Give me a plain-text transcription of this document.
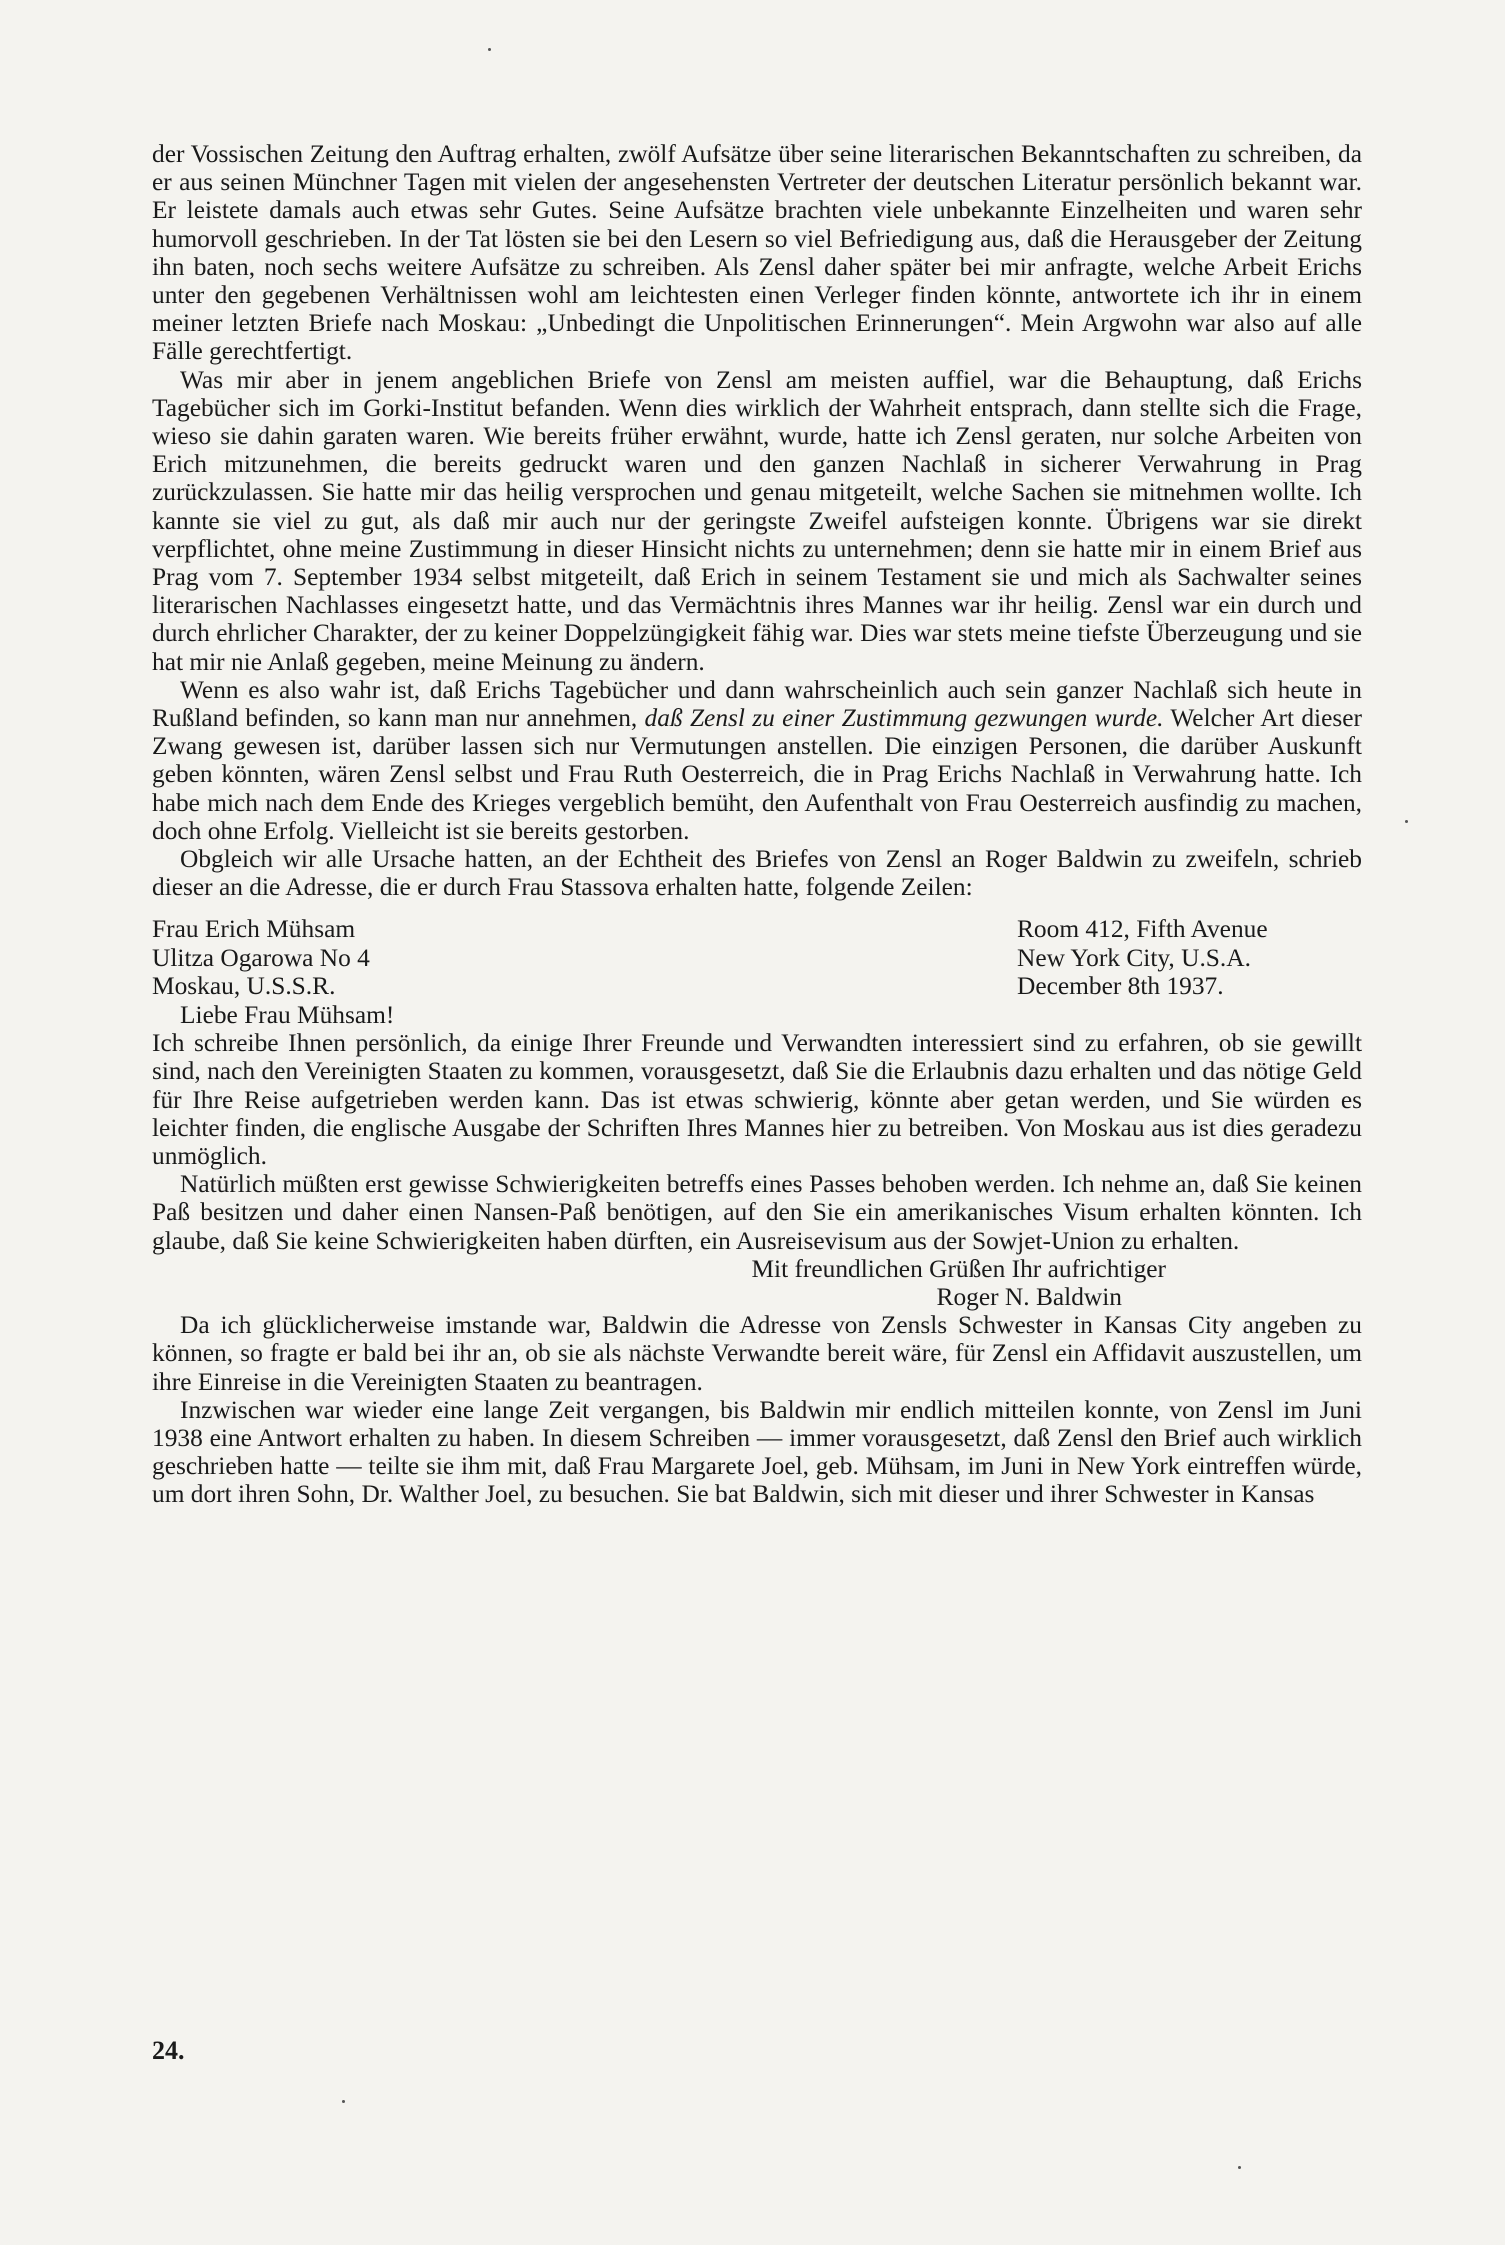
der Vossischen Zeitung den Auftrag erhalten, zwölf Aufsätze über seine literarischen Bekanntschaften zu schreiben, da er aus seinen Münchner Tagen mit vielen der angesehensten Vertreter der deutschen Literatur persönlich bekannt war. Er leistete damals auch etwas sehr Gutes. Seine Aufsätze brachten viele unbekannte Einzelheiten und waren sehr humorvoll geschrieben. In der Tat lösten sie bei den Lesern so viel Befriedigung aus, daß die Herausgeber der Zeitung ihn baten, noch sechs weitere Aufsätze zu schreiben. Als Zensl daher später bei mir anfragte, welche Arbeit Erichs unter den gegebenen Verhältnissen wohl am leichtesten einen Verleger finden könnte, antwortete ich ihr in einem meiner letzten Briefe nach Moskau: „Unbedingt die Unpolitischen Erinnerungen“. Mein Argwohn war also auf alle Fälle gerechtfertigt.

Was mir aber in jenem angeblichen Briefe von Zensl am meisten auffiel, war die Behauptung, daß Erichs Tagebücher sich im Gorki-Institut befanden. Wenn dies wirklich der Wahrheit entsprach, dann stellte sich die Frage, wieso sie dahin garaten waren. Wie bereits früher erwähnt, wurde, hatte ich Zensl geraten, nur solche Arbeiten von Erich mitzunehmen, die bereits gedruckt waren und den ganzen Nachlaß in sicherer Verwahrung in Prag zurückzulassen. Sie hatte mir das heilig versprochen und genau mitgeteilt, welche Sachen sie mitnehmen wollte. Ich kannte sie viel zu gut, als daß mir auch nur der geringste Zweifel aufsteigen konnte. Übrigens war sie direkt verpflichtet, ohne meine Zustimmung in dieser Hinsicht nichts zu unternehmen; denn sie hatte mir in einem Brief aus Prag vom 7. September 1934 selbst mitgeteilt, daß Erich in seinem Testament sie und mich als Sachwalter seines literarischen Nachlasses eingesetzt hatte, und das Vermächtnis ihres Mannes war ihr heilig. Zensl war ein durch und durch ehrlicher Charakter, der zu keiner Doppelzüngigkeit fähig war. Dies war stets meine tiefste Überzeugung und sie hat mir nie Anlaß gegeben, meine Meinung zu ändern.

Wenn es also wahr ist, daß Erichs Tagebücher und dann wahrscheinlich auch sein ganzer Nachlaß sich heute in Rußland befinden, so kann man nur annehmen, daß Zensl zu einer Zustimmung gezwungen wurde. Welcher Art dieser Zwang gewesen ist, darüber lassen sich nur Vermutungen anstellen. Die einzigen Personen, die darüber Auskunft geben könnten, wären Zensl selbst und Frau Ruth Oesterreich, die in Prag Erichs Nachlaß in Verwahrung hatte. Ich habe mich nach dem Ende des Krieges vergeblich bemüht, den Aufenthalt von Frau Oesterreich ausfindig zu machen, doch ohne Erfolg. Vielleicht ist sie bereits gestorben.

Obgleich wir alle Ursache hatten, an der Echtheit des Briefes von Zensl an Roger Baldwin zu zweifeln, schrieb dieser an die Adresse, die er durch Frau Stassova erhalten hatte, folgende Zeilen:

Frau Erich Mühsam
Ulitza Ogarowa No 4
Moskau, U.S.S.R.
Room 412, Fifth Avenue
New York City, U.S.A.
December 8th 1937.

Liebe Frau Mühsam!

Ich schreibe Ihnen persönlich, da einige Ihrer Freunde und Verwandten interessiert sind zu erfahren, ob sie gewillt sind, nach den Vereinigten Staaten zu kommen, vorausgesetzt, daß Sie die Erlaubnis dazu erhalten und das nötige Geld für Ihre Reise aufgetrieben werden kann. Das ist etwas schwierig, könnte aber getan werden, und Sie würden es leichter finden, die englische Ausgabe der Schriften Ihres Mannes hier zu betreiben. Von Moskau aus ist dies geradezu unmöglich.

Natürlich müßten erst gewisse Schwierigkeiten betreffs eines Passes behoben werden. Ich nehme an, daß Sie keinen Paß besitzen und daher einen Nansen-Paß benötigen, auf den Sie ein amerikanisches Visum erhalten könnten. Ich glaube, daß Sie keine Schwierigkeiten haben dürften, ein Ausreisevisum aus der Sowjet-Union zu erhalten.

Mit freundlichen Grüßen Ihr aufrichtiger

Roger N. Baldwin

Da ich glücklicherweise imstande war, Baldwin die Adresse von Zensls Schwester in Kansas City angeben zu können, so fragte er bald bei ihr an, ob sie als nächste Verwandte bereit wäre, für Zensl ein Affidavit auszustellen, um ihre Einreise in die Vereinigten Staaten zu beantragen.

Inzwischen war wieder eine lange Zeit vergangen, bis Baldwin mir endlich mitteilen konnte, von Zensl im Juni 1938 eine Antwort erhalten zu haben. In diesem Schreiben — immer vorausgesetzt, daß Zensl den Brief auch wirklich geschrieben hatte — teilte sie ihm mit, daß Frau Margarete Joel, geb. Mühsam, im Juni in New York eintreffen würde, um dort ihren Sohn, Dr. Walther Joel, zu besuchen. Sie bat Baldwin, sich mit dieser und ihrer Schwester in Kansas

24.
